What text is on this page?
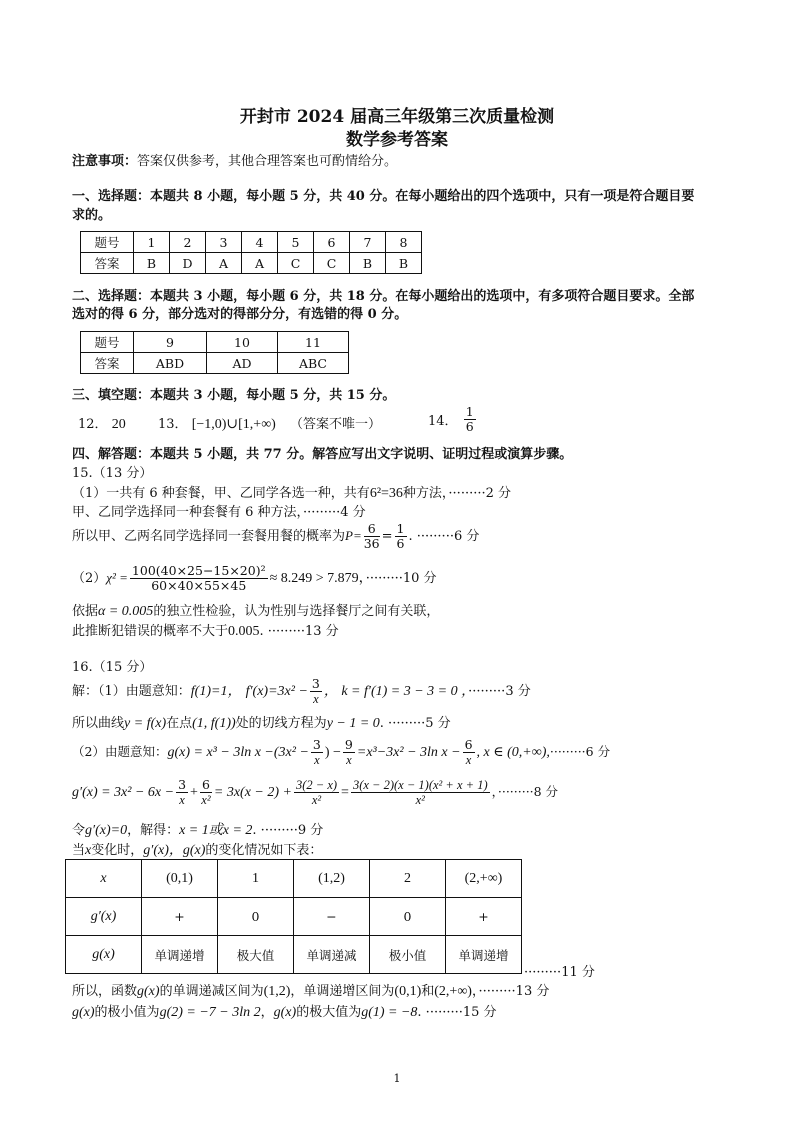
开封市 2024 届高三年级第三次质量检测
数学参考答案
注意事项：答案仅供参考，其他合理答案也可酌情给分。
一、选择题：本题共 8 小题，每小题 5 分，共 40 分。在每小题给出的四个选项中，只有一项是符合题目要
求的。
题号	1	2	3	4	5	6	7	8
答案	B	D	A	A	C	C	B	B
二、选择题：本题共 3 小题，每小题 6 分，共 18 分。在每小题给出的选项中，有多项符合题目要求。全部
选对的得 6 分，部分选对的得部分分，有选错的得 0 分。
题号	9	10	11
答案	ABD	AD	ABC
三、填空题：本题共 3 小题，每小题 5 分，共 15 分。
12． 20 13． [−1,0)∪[1,+∞) （答案不唯一）	14． $\frac{1}{6}$
四、解答题：本题共 5 小题，共 77 分。解答应写出文字说明、证明过程或演算步骤。
15.（13 分）
（1）一共有 6 种套餐，甲、乙同学各选一种，共有6²=36种方法，·········2 分
甲、乙同学选择同一种套餐有 6 种方法，·········4 分
所以甲、乙两名同学选择同一套餐用餐的概率为$P= \frac{6}{36} = \frac{1}{6}$ . ·········6 分
$(2)\chi^2 = \frac{\text{100(40×25−15×20)²}}{60\times 40\times 55\times 45} \approx 8.249 > 7.879$，·········10 分
依据α = 0.005的独立性检验，认为性别与选择餐厅之间有关联，
此推断犯错误的概率不大于0.005. ·········13 分
16.（15 分）
解：（1）由题意知：f(1)=1， $f'(x)=3x^2 - \frac{3}{x}$ ， k = f′(1) = 3 − 3 = 0 ，·········3 分
所以曲线y = f(x)在点(1, f(1))处的切线方程为y − 1 = 0. ·········5 分
（2）由题意知：g(x) = x³ − 3ln $x -(3x^2 - \frac{3}{x}$ ) − $\frac{9}{x} =x^3-3x^2 - 3\ln$ $x - \frac{6}{x}$ , x ∈ (0,+∞),·········6 分
$g'(x) = 3x^2 - 6x - \frac{3}{x} + \frac{6}{\text{x²}} = 3x(x - 2) + \frac{3(2 - x)}{\text{x²}} = \frac{\text{3(x − 2)(x − 1)(x² + x + 1)}}{\text{x²}}$ ，·········8 分
令g′(x)=0，解得：x = 1或x = 2. ·········9 分
当x变化时，g′(x)，g(x)的变化情况如下表：
x	(0,1)	1	(1,2)	2	(2,+∞)
g′(x)	+	0	−	0	+
g(x)	单调递增	极大值	单调递减	极小值	单调递增
·········11 分
所以，函数g(x)的单调递减区间为(1,2)，单调递增区间为(0,1)和(2,+∞)，·········13 分
g(x)的极小值为g(2) = −7 − 3ln 2，g(x)的极大值为g(1) = −8. ·········15 分
1
